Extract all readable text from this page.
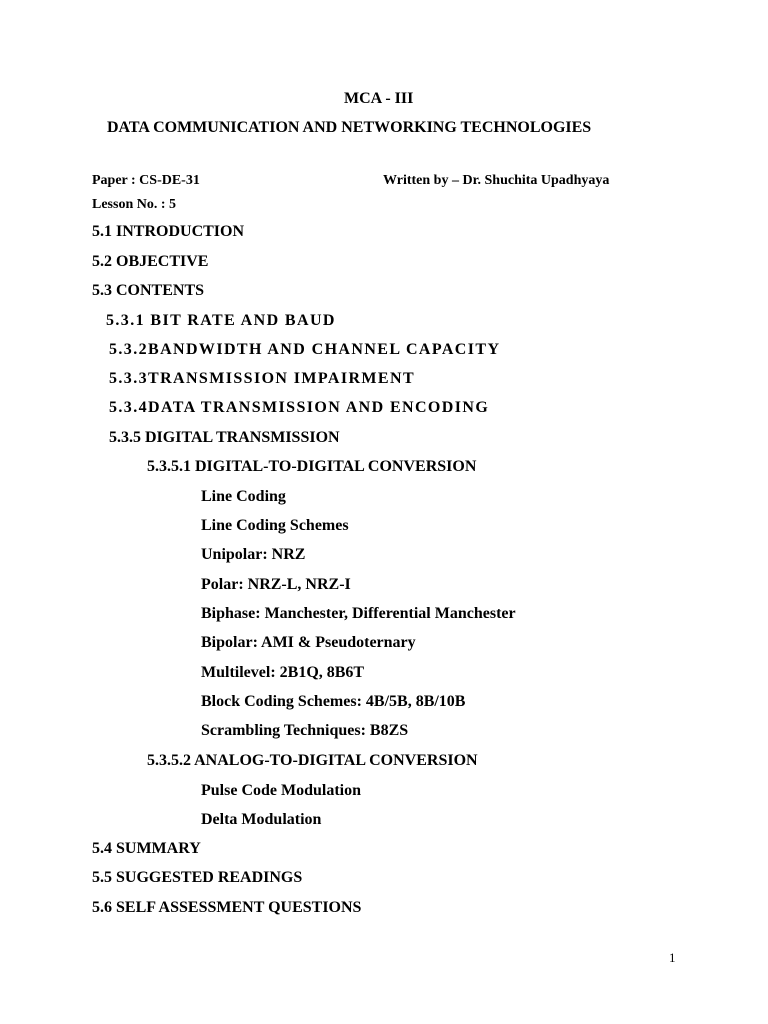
MCA - III
DATA COMMUNICATION AND NETWORKING TECHNOLOGIES
Paper : CS-DE-31	Written by – Dr. Shuchita Upadhyaya
Lesson No. : 5
5.1 INTRODUCTION
5.2 OBJECTIVE
5.3 CONTENTS
5.3.1 BIT RATE AND BAUD
5.3.2BANDWIDTH AND CHANNEL CAPACITY
5.3.3TRANSMISSION IMPAIRMENT
5.3.4DATA TRANSMISSION AND ENCODING
5.3.5 DIGITAL TRANSMISSION
5.3.5.1 DIGITAL-TO-DIGITAL CONVERSION
Line Coding
Line Coding Schemes
Unipolar: NRZ
Polar: NRZ-L, NRZ-I
Biphase: Manchester, Differential Manchester
Bipolar: AMI & Pseudoternary
Multilevel: 2B1Q, 8B6T
Block Coding Schemes: 4B/5B, 8B/10B
Scrambling Techniques: B8ZS
5.3.5.2 ANALOG-TO-DIGITAL CONVERSION
Pulse Code Modulation
Delta Modulation
5.4 SUMMARY
5.5 SUGGESTED READINGS
5.6 SELF ASSESSMENT QUESTIONS
1
